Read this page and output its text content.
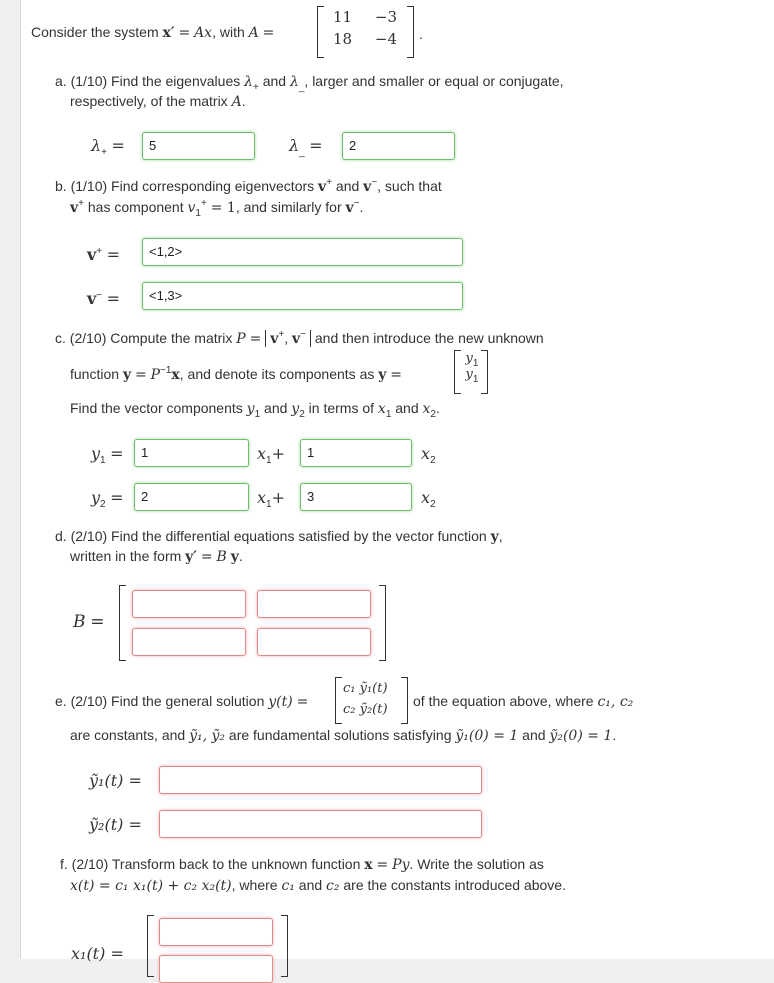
Consider the system x′ = Ax, with A =
11 −3
18 −4 .
a. (1/10) Find the eigenvalues $\lambda_+$ and $\lambda_{\_}$, larger and smaller or equal or conjugate,
respectively, of the matrix A.
$\lambda_+$ =	5	$\lambda_{\_}$ =	2
b. (1/10) Find corresponding eigenvectors v+ and v−, such that
v+ has component $v_1^+ = 1$, and similarly for v−.
v+ =	<1,2>
v− =	<1,3>
c. (2/10) Compute the matrix P = v+, v− and then introduce the new unknown
function $y = P^{-1}x$, and denote its components as y =
$y_1$
$y_1$
Find the vector components $y_1$ and $y_2$ in terms of $x_1$ and $x_2$.
$y_1$ =	1	$x_1+$	1	$x_2$
$y_2$ =	2	$x_1+$	3	$x_2$
d. (2/10) Find the differential equations satisfied by the vector function y,
written in the form y′ = B y.
B =
e. (2/10) Find the general solution y(t) =
c₁ ỹ₁(t)
c₂ ỹ₂(t)
of the equation above, where c₁, c₂
are constants, and ỹ₁, ỹ₂ are fundamental solutions satisfying ỹ₁(0) = 1 and ỹ₂(0) = 1.
ỹ₁(t) =
ỹ₂(t) =
f. (2/10) Transform back to the unknown function x = Py. Write the solution as
x(t) = c₁ x₁(t) + c₂ x₂(t), where c₁ and c₂ are the constants introduced above.
x₁(t) =
